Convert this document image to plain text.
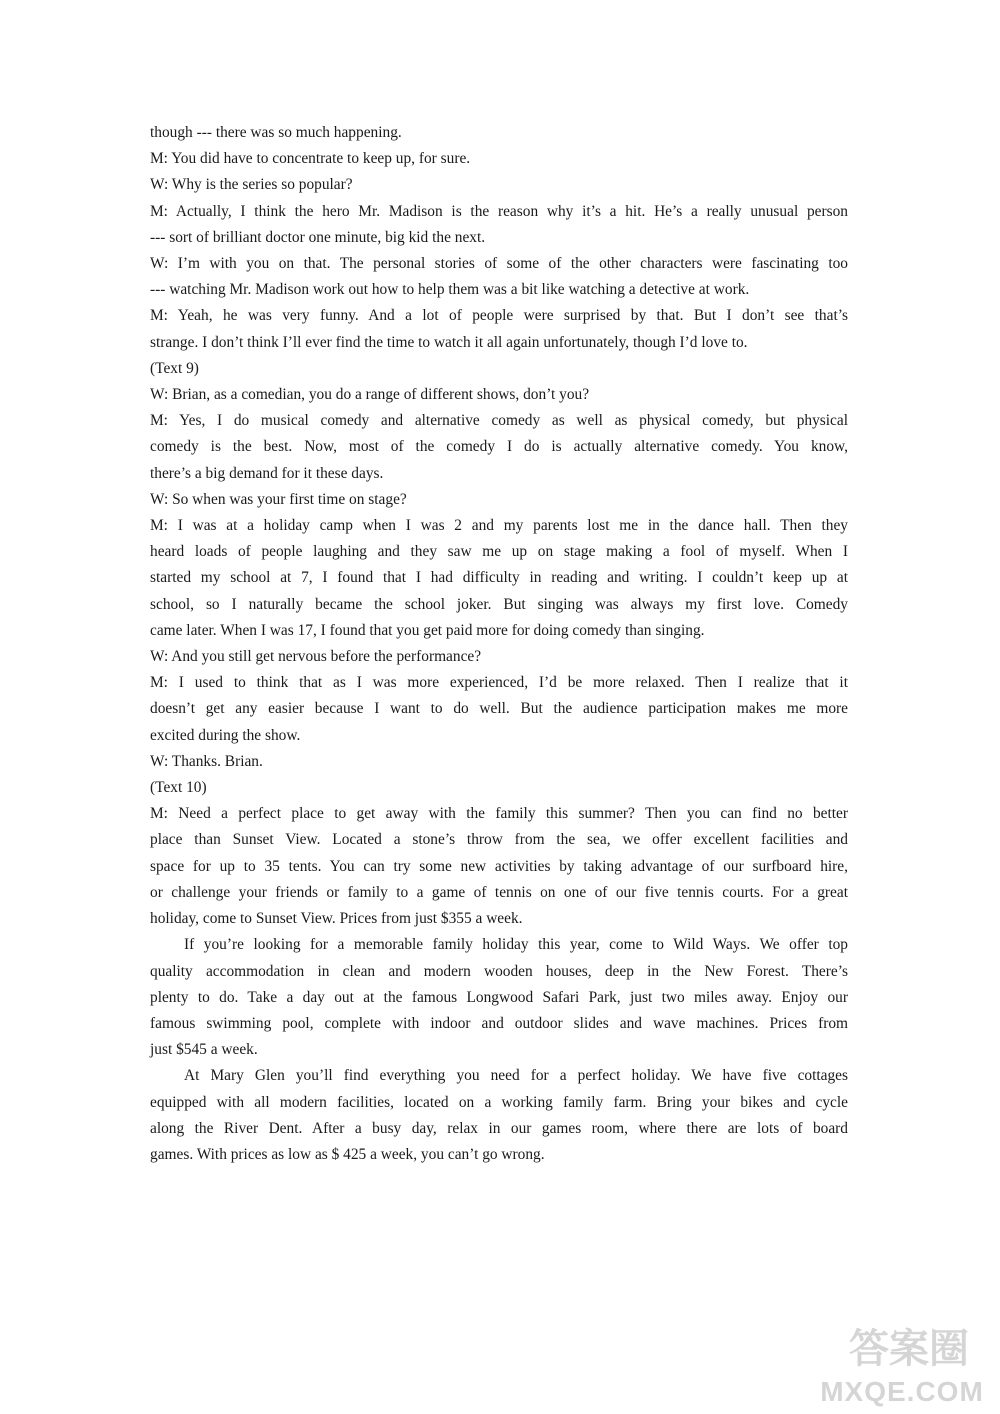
though --- there was so much happening.
M: You did have to concentrate to keep up, for sure.
W: Why is the series so popular?
M: Actually, I think the hero Mr. Madison is the reason why it’s a hit. He’s a really unusual person
--- sort of brilliant doctor one minute, big kid the next.
W: I’m with you on that. The personal stories of some of the other characters were fascinating too
--- watching Mr. Madison work out how to help them was a bit like watching a detective at work.
M: Yeah, he was very funny. And a lot of people were surprised by that. But I don’t see that’s
strange. I don’t think I’ll ever find the time to watch it all again unfortunately, though I’d love to.
(Text 9)
W: Brian, as a comedian, you do a range of different shows, don’t you?
M: Yes, I do musical comedy and alternative comedy as well as physical comedy, but physical
comedy is the best. Now, most of the comedy I do is actually alternative comedy. You know,
there’s a big demand for it these days.
W: So when was your first time on stage?
M: I was at a holiday camp when I was 2 and my parents lost me in the dance hall. Then they
heard loads of people laughing and they saw me up on stage making a fool of myself. When I
started my school at 7, I found that I had difficulty in reading and writing. I couldn’t keep up at
school, so I naturally became the school joker. But singing was always my first love. Comedy
came later. When I was 17, I found that you get paid more for doing comedy than singing.
W: And you still get nervous before the performance?
M: I used to think that as I was more experienced, I’d be more relaxed. Then I realize that it
doesn’t get any easier because I want to do well. But the audience participation makes me more
excited during the show.
W: Thanks. Brian.
(Text 10)
M: Need a perfect place to get away with the family this summer? Then you can find no better
place than Sunset View. Located a stone’s throw from the sea, we offer excellent facilities and
space for up to 35 tents. You can try some new activities by taking advantage of our surfboard hire,
or challenge your friends or family to a game of tennis on one of our five tennis courts. For a great
holiday, come to Sunset View. Prices from just $355 a week.
If you’re looking for a memorable family holiday this year, come to Wild Ways. We offer top
quality accommodation in clean and modern wooden houses, deep in the New Forest. There’s
plenty to do. Take a day out at the famous Longwood Safari Park, just two miles away. Enjoy our
famous swimming pool, complete with indoor and outdoor slides and wave machines. Prices from
just $545 a week.
At Mary Glen you’ll find everything you need for a perfect holiday. We have five cottages
equipped with all modern facilities, located on a working family farm. Bring your bikes and cycle
along the River Dent. After a busy day, relax in our games room, where there are lots of board
games. With prices as low as $ 425 a week, you can’t go wrong.
答案圈
MXQE.COM
